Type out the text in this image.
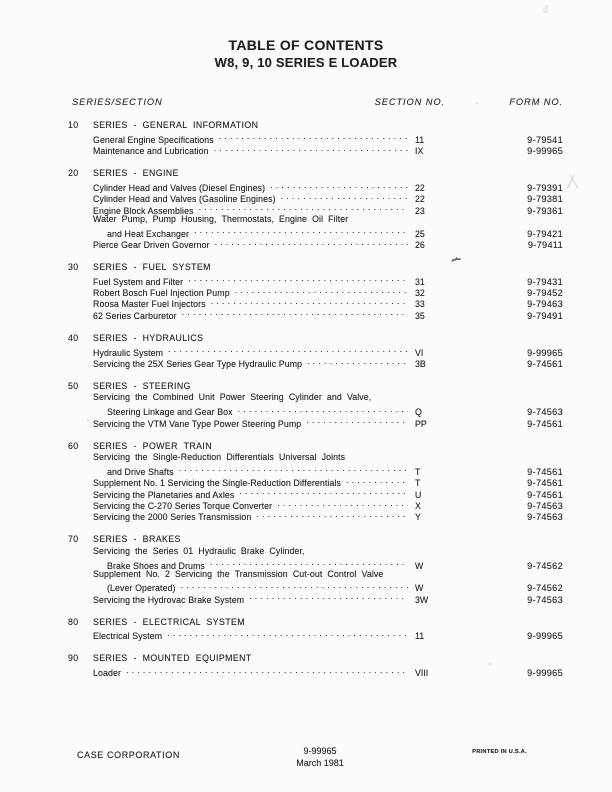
TABLE OF CONTENTS
W8, 9, 10 SERIES E LOADER
SERIES/SECTION	SECTION NO.	FORM NO.
10 SERIES - GENERAL INFORMATION
General Engine Specifications .....	11	9-79541
Maintenance and Lubrication .....	IX	9-99965
20 SERIES - ENGINE
Cylinder Head and Valves (Diesel Engines) .....	22	9-79391
Cylinder Head and Valves (Gasoline Engines) .....	22	9-79381
Engine Block Assemblies .....	23	9-79361
Water Pump, Pump Housing, Thermostats, Engine Oil Filter
and Heat Exchanger .....	25	9-79421
Pierce Gear Driven Governor .....	26	9-79411
30 SERIES - FUEL SYSTEM
Fuel System and Filter .....	31	9-79431
Robert Bosch Fuel Injection Pump .....	32	9-79452
Roosa Master Fuel Injectors .....	33	9-79463
62 Series Carburetor .....	35	9-79491
40 SERIES - HYDRAULICS
Hydraulic System .....	VI	9-99965
Servicing the 25X Series Gear Type Hydraulic Pump .....	3B	9-74561
50 SERIES - STEERING
Servicing the Combined Unit Power Steering Cylinder and Valve,
Steering Linkage and Gear Box .....	Q	9-74563
Servicing the VTM Vane Type Power Steering Pump .....	PP	9-74561
60 SERIES - POWER TRAIN
Servicing the Single-Reduction Differentials Universal Joints
and Drive Shafts .....	T	9-74561
Supplement No. 1 Servicing the Single-Reduction Differentials .....	T	9-74561
Servicing the Planetaries and Axles .....	U	9-74561
Servicing the C-270 Series Torque Converter .....	X	9-74563
Servicing the 2000 Series Transmission .....	Y	9-74563
70 SERIES - BRAKES
Servicing the Series 01 Hydraulic Brake Cylinder,
Brake Shoes and Drums .....	W	9-74562
Supplement No. 2 Servicing the Transmission Cut-out Control Valve
(Lever Operated) .....	W	9-74562
Servicing the Hydrovac Brake System .....	3W	9-74563
80 SERIES - ELECTRICAL SYSTEM
Electrical System .....	11	9-99965
90 SERIES - MOUNTED EQUIPMENT
Loader .....	VIII	9-99965
CASE CORPORATION	9-99965
March 1981
PRINTED IN U.S.A.
